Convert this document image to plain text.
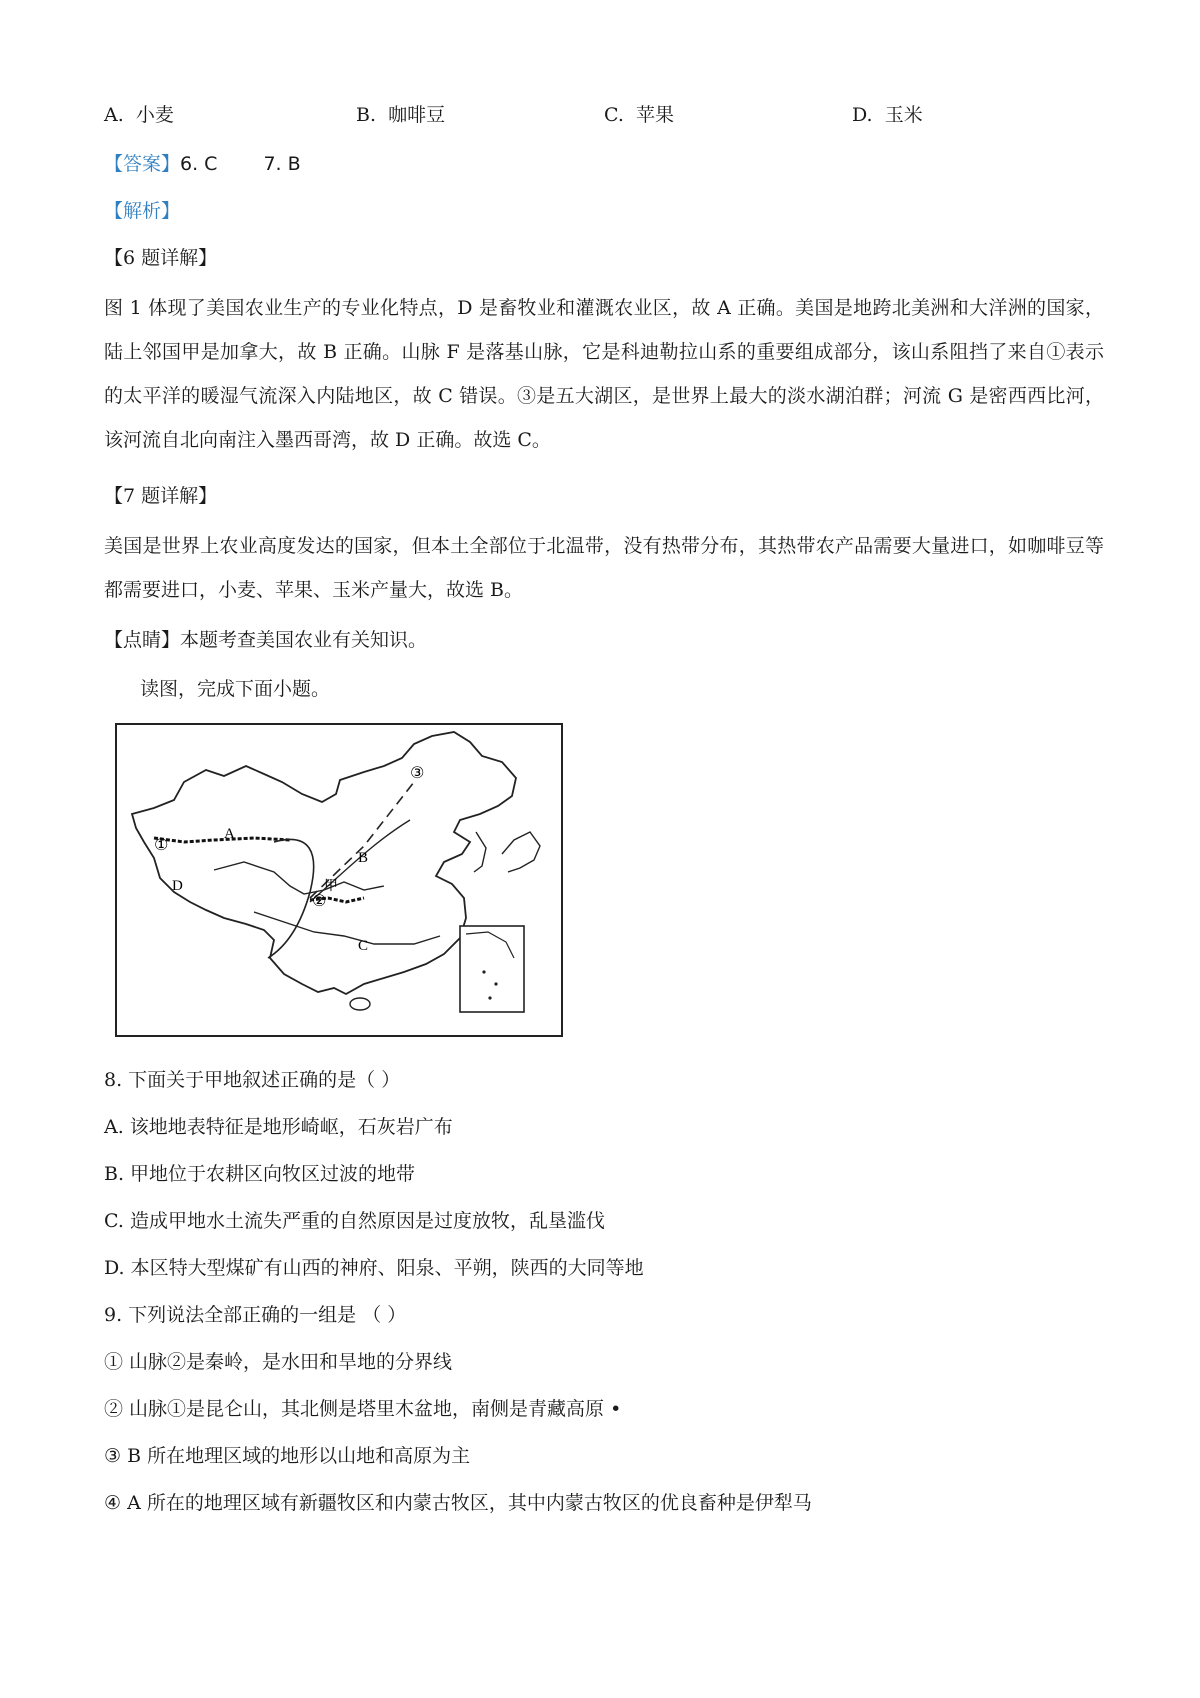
A. 小麦	B. 咖啡豆	C. 苹果	D. 玉米
【答案】6. C 7. B
【解析】
【6 题详解】
图 1 体现了美国农业生产的专业化特点，D 是畜牧业和灌溉农业区，故 A 正确。美国是地跨北美洲和大洋洲的国家，陆上邻国甲是加拿大，故 B 正确。山脉 F 是落基山脉，它是科迪勒拉山系的重要组成部分，该山系阻挡了来自①表示的太平洋的暖湿气流深入内陆地区，故 C 错误。③是五大湖区，是世界上最大的淡水湖泊群；河流 G 是密西西比河，该河流自北向南注入墨西哥湾，故 D 正确。故选 C。
【7 题详解】
美国是世界上农业高度发达的国家，但本土全部位于北温带，没有热带分布，其热带农产品需要大量进口，如咖啡豆等都需要进口，小麦、苹果、玉米产量大，故选 B。
【点睛】本题考查美国农业有关知识。
读图，完成下面小题。
A
D
B
C
①
②
③
甲
8. 下面关于甲地叙述正确的是（ ）
A. 该地地表特征是地形崎岖，石灰岩广布
B. 甲地位于农耕区向牧区过波的地带
C. 造成甲地水土流失严重的自然原因是过度放牧，乱垦滥伐
D. 本区特大型煤矿有山西的神府、阳泉、平朔，陕西的大同等地
9. 下列说法全部正确的一组是 （ ）
① 山脉②是秦岭，是水田和旱地的分界线
② 山脉①是昆仑山，其北侧是塔里木盆地，南侧是青藏高原 •
③ B 所在地理区域的地形以山地和高原为主
④ A 所在的地理区域有新疆牧区和内蒙古牧区，其中内蒙古牧区的优良畜种是伊犁马
